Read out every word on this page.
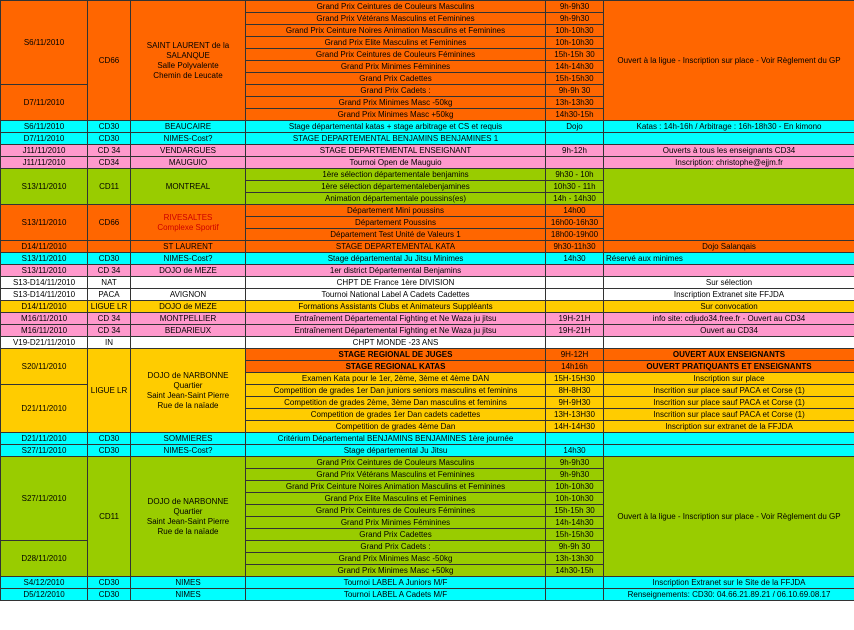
S6/11/2010	CD66	SAINT LAURENT de la SALANQUE
Salle Polyvalente
Chemin de Leucate	Grand Prix Ceintures de Couleurs Masculins	9h-9h30	Ouvert à la ligue - Inscription sur place - Voir Règlement du GP
			Grand Prix Vétérans Masculins et Feminines	9h-9h30	
			Grand Prix Ceinture Noires Animation Masculins et Feminines	10h-10h30	
			Grand Prix Elite Masculins et Feminines	10h-10h30	
			Grand Prix Ceintures de Couleurs Féminines	15h-15h 30	
			Grand Prix Minimes Féminines	14h-14h30	
			Grand Prix Cadettes	15h-15h30	
D7/11/2010			Grand Prix Cadets :	9h-9h 30	
			Grand Prix Minimes Masc -50kg	13h-13h30	
			Grand Prix Minimes Masc +50kg	14h30-15h	
S6/11/2010	CD30	BEAUCAIRE	Stage départemental katas + stage arbitrage et CS et requis	Dojo	Katas : 14h-16h / Arbitrage : 16h-18h30 - En kimono
D7/11/2010	CD30	NIMES-Cost?	STAGE DEPARTEMENTAL BENJAMINS BENJAMINES 1		
J11/11/2010	CD 34	VENDARGUES	STAGE DEPARTEMENTAL ENSEIGNANT	9h-12h	Ouverts à tous les enseignants CD34
J11/11/2010	CD34	MAUGUIO	Tournoi Open de Mauguio		Inscription: christophe@ejjm.fr
S13/11/2010	CD11	MONTREAL	1ère sélection départementale benjamins	9h30 - 10h	
			1ère sélection départementalebenjamines	10h30 - 11h	
			Animation départementale poussins(es)	14h - 14h30	
S13/11/2010	CD66	RIVESALTES
Complexe Sportif	Département Mini poussins	14h00	
			Département Poussins	16h00-16h30	
			Département Test Unité de Valeurs 1	18h00-19h00	
D14/11/2010		ST LAURENT	STAGE DEPARTEMENTAL KATA	9h30-11h30	Dojo Salanqais
S13/11/2010	CD30	NIMES-Cost?	Stage départemental Ju Jitsu Minimes	14h30	Réservé aux minimes
S13/11/2010	CD 34	DOJO de MEZE	1er district Départemental Benjamins		
S13-D14/11/2010	NAT		CHPT DE France 1ère DIVISION		Sur sélection
S13-D14/11/2010	PACA	AVIGNON	Tournoi National Label A Cadets Cadettes		Inscription Extranet site FFJDA
D14/11/2010	LIGUE LR	DOJO de MEZE	Formations Assistants Clubs et Animateurs Suppléants		Sur convocation
M16/11/2010	CD 34	MONTPELLIER	Entraînement Départemental Fighting et Ne Waza ju jitsu	19H-21H	info site: cdjudo34.free.fr - Ouvert au CD34
M16/11/2010	CD 34	BEDARIEUX	Entraînement Départemental Fighting et Ne Waza ju jitsu	19H-21H	Ouvert au CD34
V19-D21/11/2010	IN		CHPT MONDE -23 ANS		
S20/11/2010	LIGUE LR	DOJO de NARBONNE
Quartier
Saint Jean-Saint Pierre
Rue de la naïade	STAGE REGIONAL DE JUGES	9H-12H	OUVERT AUX ENSEIGNANTS
			STAGE REGIONAL KATAS	14h16h	OUVERT PRATIQUANTS ET ENSEIGNANTS
			Examen Kata pour le 1er, 2ème, 3ème et 4ème DAN	15H-15H30	Inscription sur place
D21/11/2010			Competition de grades 1er Dan juniors seniors masculins et feminins	8H-8H30	Inscrition sur place sauf PACA et Corse (1)
			Competition de grades 2ème, 3ème Dan masculins et feminins	9H-9H30	Inscrition sur place sauf PACA et Corse (1)
			Competition de grades 1er Dan cadets cadettes	13H-13H30	Inscrition sur place sauf PACA et Corse (1)
			Competition de grades 4ème Dan	14H-14H30	Inscription sur extranet de la FFJDA
D21/11/2010	CD30	SOMMIERES	Critérium Départemental BENJAMINS BENJAMINES 1ère journée		
S27/11/2010	CD30	NIMES-Cost?	Stage départemental Ju Jitsu	14h30	
S27/11/2010	CD11	DOJO de NARBONNE
Quartier
Saint Jean-Saint Pierre
Rue de la naïade	Grand Prix Ceintures de Couleurs Masculins	9h-9h30	Ouvert à la ligue - Inscription sur place - Voir Règlement du GP
			Grand Prix Vétérans Masculins et Feminines	9h-9h30	
			Grand Prix Ceinture Noires Animation Masculins et Feminines	10h-10h30	
			Grand Prix Elite Masculins et Feminines	10h-10h30	
			Grand Prix Ceintures de Couleurs Féminines	15h-15h 30	
			Grand Prix Minimes Féminines	14h-14h30	
			Grand Prix Cadettes	15h-15h30	
D28/11/2010			Grand Prix Cadets :	9h-9h 30	
			Grand Prix Minimes Masc -50kg	13h-13h30	
			Grand Prix Minimes Masc +50kg	14h30-15h	
S4/12/2010	CD30	NIMES	Tournoi LABEL A Juniors M/F		Inscription Extranet sur le Site de la FFJDA
D5/12/2010	CD30	NIMES	Tournoi LABEL A Cadets M/F		Renseignements: CD30: 04.66.21.89.21 / 06.10.69.08.17
